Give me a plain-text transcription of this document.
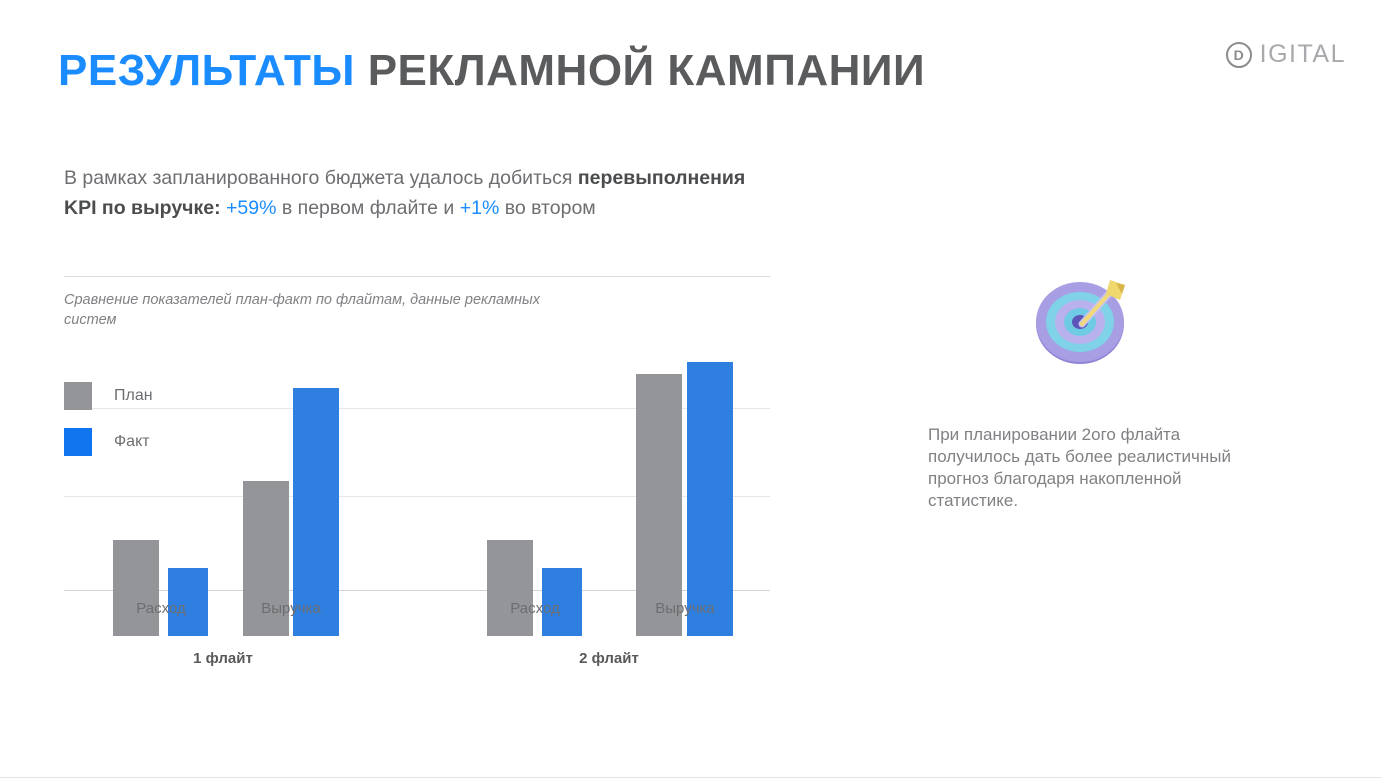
РЕЗУЛЬТАТЫ РЕКЛАМНОЙ КАМПАНИИ	D IGITAL
В рамках запланированного бюджета удалось добиться перевыполнения KPI по выручке: +59% в первом флайте и +1% во втором
Сравнение показателей план-факт по флайтам, данные рекламных систем
План
Факт
Расход	Выручка	Расход	Выручка
1 флайт	2 флайт
При планировании 2ого флайта получилось дать более реалистичный прогноз благодаря накопленной статистике.
